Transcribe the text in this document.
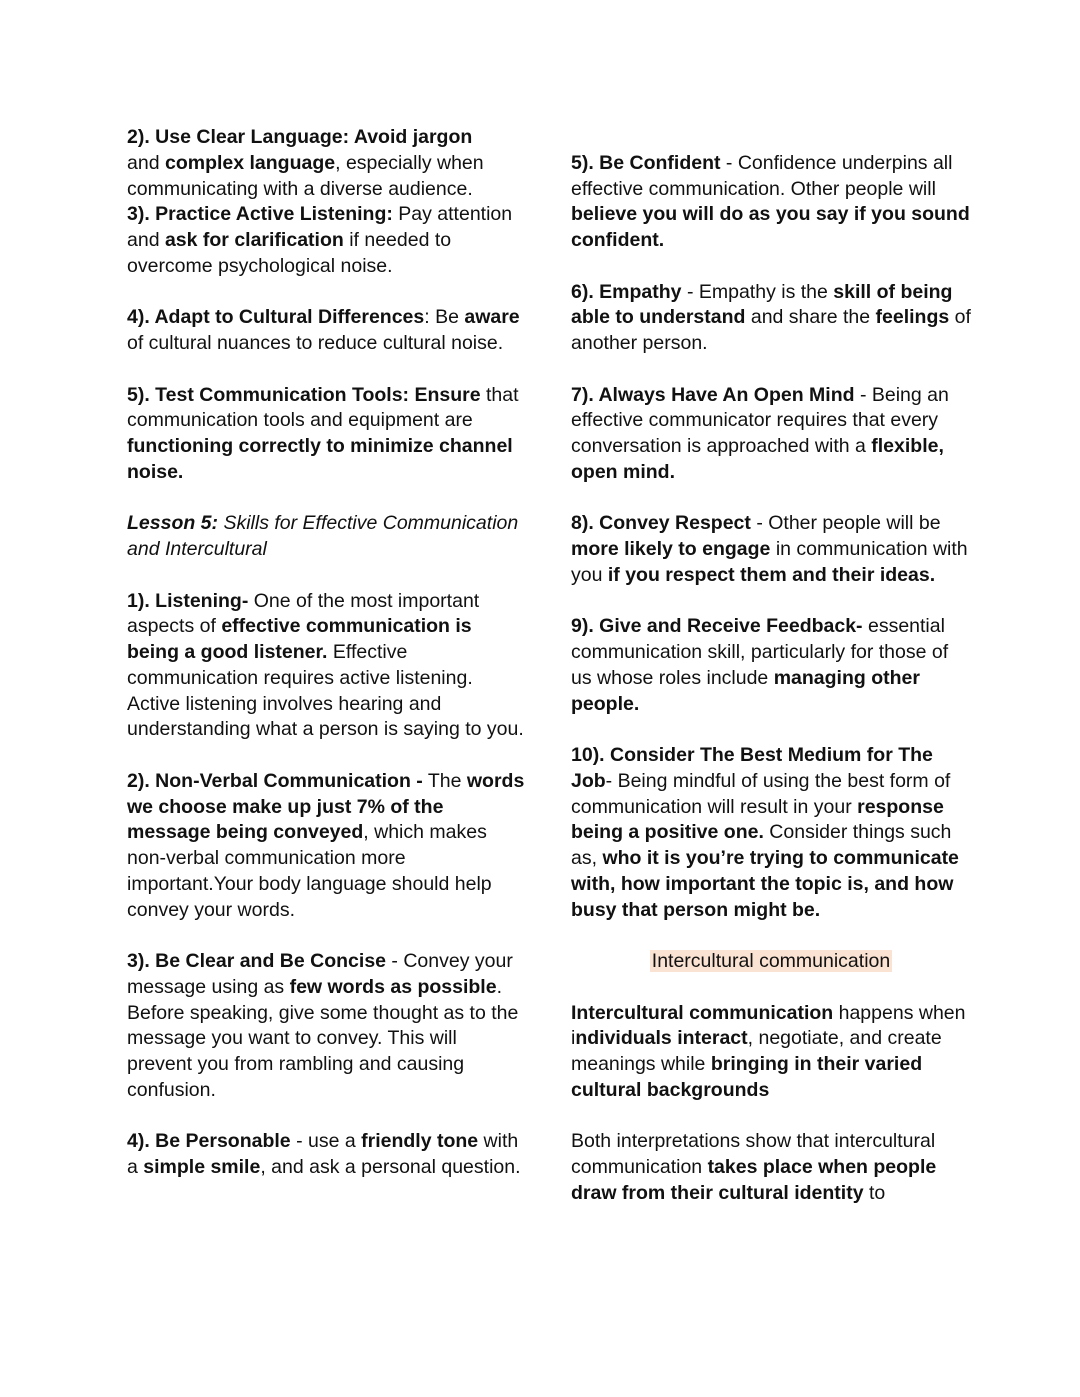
2). Use Clear Language: Avoid jargon
and complex language, especially when communicating with a diverse audience.

3). Practice Active Listening: Pay attention and ask for clarification if needed to overcome psychological noise.

4). Adapt to Cultural Differences: Be aware of cultural nuances to reduce cultural noise.

5). Test Communication Tools: Ensure that communication tools and equipment are functioning correctly to minimize channel noise.

Lesson 5: Skills for Effective Communication and Intercultural

1). Listening- One of the most important aspects of effective communication is being a good listener. Effective communication requires active listening. Active listening involves hearing and understanding what a person is saying to you.

2). Non-Verbal Communication - The words we choose make up just 7% of the message being conveyed, which makes non-verbal communication more important.Your body language should help convey your words.

3). Be Clear and Be Concise - Convey your message using as few words as possible. Before speaking, give some thought as to the message you want to convey. This will prevent you from rambling and causing confusion.

4). Be Personable - use a friendly tone with a simple smile, and ask a personal question.

5). Be Confident - Confidence underpins all effective communication. Other people will believe you will do as you say if you sound confident.

6). Empathy - Empathy is the skill of being able to understand and share the feelings of another person.

7). Always Have An Open Mind - Being an effective communicator requires that every conversation is approached with a flexible, open mind.

8). Convey Respect - Other people will be more likely to engage in communication with you if you respect them and their ideas.

9). Give and Receive Feedback- essential communication skill, particularly for those of us whose roles include managing other people.

10). Consider The Best Medium for The Job- Being mindful of using the best form of communication will result in your response being a positive one. Consider things such as, who it is you’re trying to communicate with, how important the topic is, and how busy that person might be.

Intercultural communication

Intercultural communication happens when individuals interact, negotiate, and create meanings while bringing in their varied cultural backgrounds

Both interpretations show that intercultural communication takes place when people draw from their cultural identity to
